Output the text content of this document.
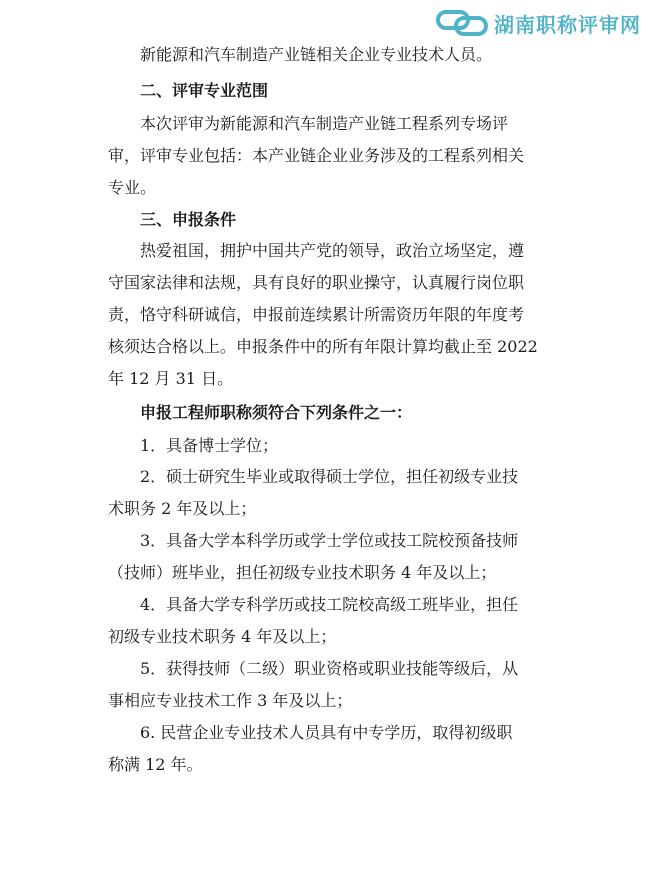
湖南职称评审网
新能源和汽车制造产业链相关企业专业技术人员。
二、评审专业范围
本次评审为新能源和汽车制造产业链工程系列专场评
审，评审专业包括：本产业链企业业务涉及的工程系列相关
专业。
三、申报条件
热爱祖国，拥护中国共产党的领导，政治立场坚定，遵
守国家法律和法规，具有良好的职业操守，认真履行岗位职
责，恪守科研诚信，申报前连续累计所需资历年限的年度考
核须达合格以上。申报条件中的所有年限计算均截止至 2022
年 12 月 31 日。
申报工程师职称须符合下列条件之一：
1．具备博士学位；
2．硕士研究生毕业或取得硕士学位，担任初级专业技
术职务 2 年及以上；
3．具备大学本科学历或学士学位或技工院校预备技师
（技师）班毕业，担任初级专业技术职务 4 年及以上；
4．具备大学专科学历或技工院校高级工班毕业，担任
初级专业技术职务 4 年及以上；
5．获得技师（二级）职业资格或职业技能等级后，从
事相应专业技术工作 3 年及以上；
6. 民营企业专业技术人员具有中专学历，取得初级职
称满 12 年。
